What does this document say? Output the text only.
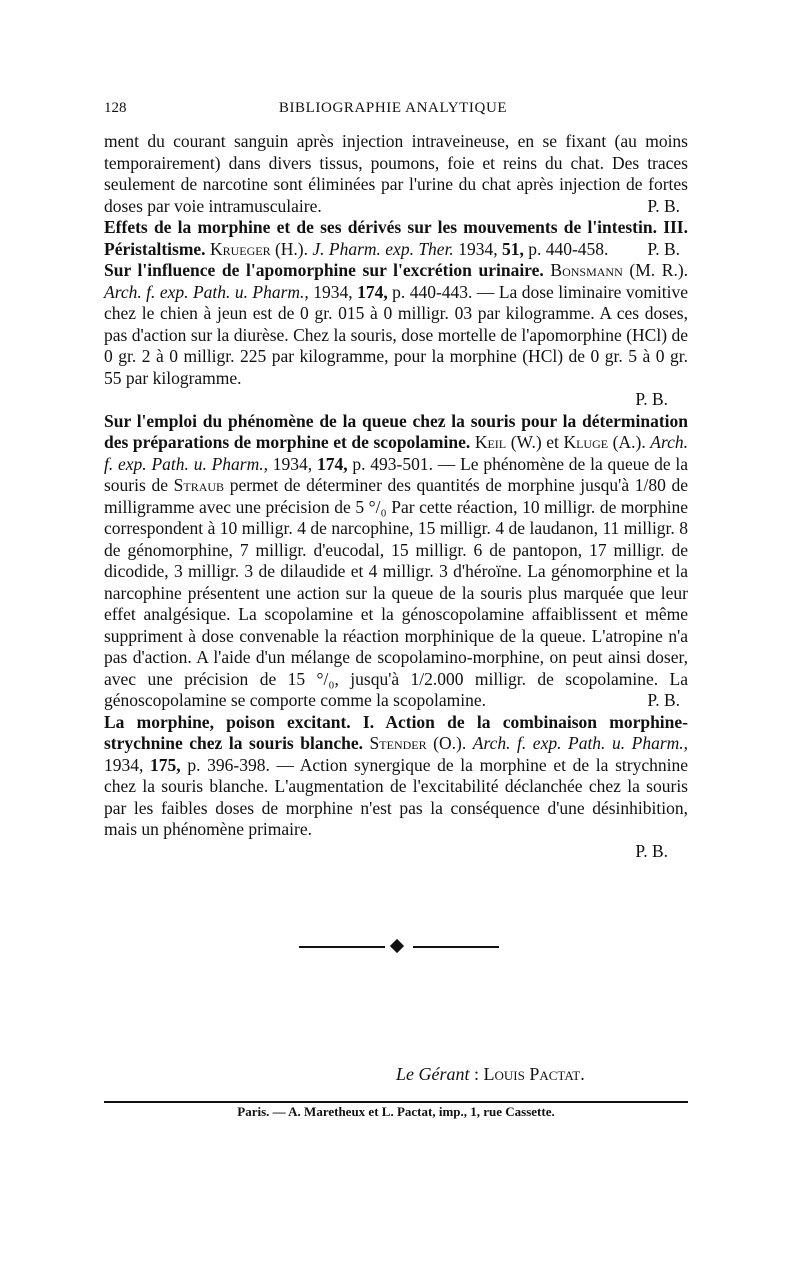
128	BIBLIOGRAPHIE ANALYTIQUE

ment du courant sanguin après injection intraveineuse, en se fixant (au moins temporairement) dans divers tissus, poumons, foie et reins du chat. Des traces seulement de narcotine sont éliminées par l'urine du chat après injection de fortes doses par voie intramusculaire.	P. B.

Effets de la morphine et de ses dérivés sur les mouvements de l'intestin. III. Péristaltisme. Krueger (H.). J. Pharm. exp. Ther. 1934, 51, p. 440-458. P. B.

Sur l'influence de l'apomorphine sur l'excrétion urinaire. Bonsmann (M. R.). Arch. f. exp. Path. u. Pharm., 1934, 174, p. 440-443. — La dose liminaire vomitive chez le chien à jeun est de 0 gr. 015 à 0 milligr. 03 par kilogramme. A ces doses, pas d'action sur la diurèse. Chez la souris, dose mortelle de l'apomorphine (HCl) de 0 gr. 2 à 0 milligr. 225 par kilogramme, pour la morphine (HCl) de 0 gr. 5 à 0 gr. 55 par kilogramme.
P. B.

Sur l'emploi du phénomène de la queue chez la souris pour la détermination des préparations de morphine et de scopolamine. Keil (W.) et Kluge (A.). Arch. f. exp. Path. u. Pharm., 1934, 174, p. 493-501. — Le phénomène de la queue de la souris de Straub permet de déterminer des quantités de morphine jusqu'à 1/80 de milligramme avec une précision de 5 °/₀ Par cette réaction, 10 milligr. de morphine correspondent à 10 milligr. 4 de narcophine, 15 milligr. 4 de laudanon, 11 milligr. 8 de génomorphine, 7 milligr. d'eucodal, 15 milligr. 6 de pantopon, 17 milligr. de dicodide, 3 milligr. 3 de dilaudide et 4 milligr. 3 d'héroïne. La génomorphine et la narcophine présentent une action sur la queue de la souris plus marquée que leur effet analgésique. La scopolamine et la génoscopolamine affaiblissent et même suppriment à dose convenable la réaction morphinique de la queue. L'atropine n'a pas d'action. A l'aide d'un mélange de scopolamino-morphine, on peut ainsi doser, avec une précision de 15 °/₀, jusqu'à 1/2.000 milligr. de scopolamine. La génoscopolamine se comporte comme la scopolamine.	P. B.

La morphine, poison excitant. I. Action de la combinaison morphine-strychnine chez la souris blanche. Stender (O.). Arch. f. exp. Path. u. Pharm., 1934, 175, p. 396-398. — Action synergique de la morphine et de la strychnine chez la souris blanche. L'augmentation de l'excitabilité déclanchée chez la souris par les faibles doses de morphine n'est pas la conséquence d'une désinhibition, mais un phénomène primaire.
P. B.

Le Gérant : Louis Pactat.
Paris. — A. Maretheux et L. Pactat, imp., 1, rue Cassette.
